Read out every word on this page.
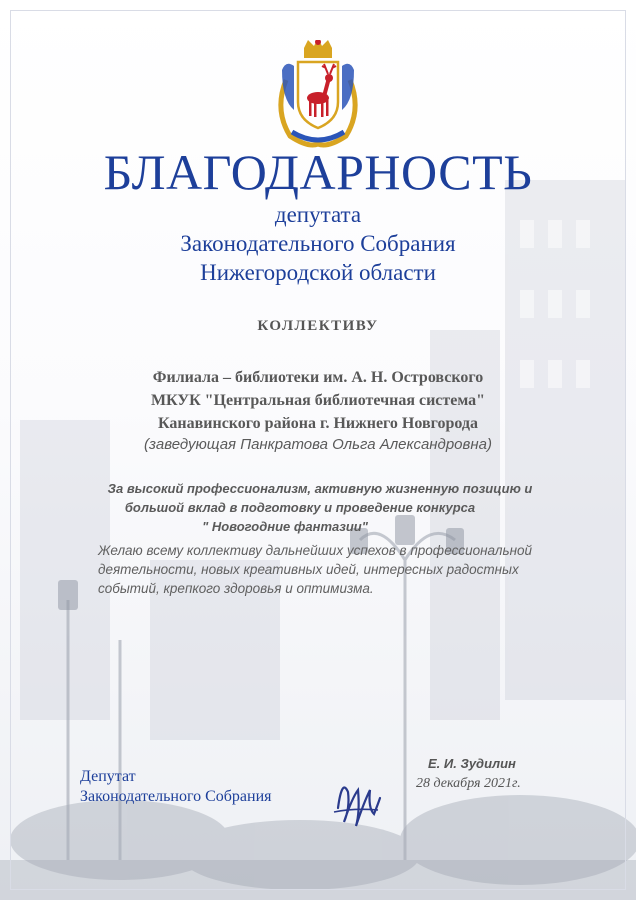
БЛАГОДАРНОСТЬ
депутата
Законодательного Собрания
Нижегородской области
КОЛЛЕКТИВУ
Филиала – библиотеки им. А. Н. Островского
МКУК "Центральная библиотечная система"
Канавинского района г. Нижнего Новгорода
(заведующая Панкратова Ольга Александровна)
За высокий профессионализм, активную жизненную позицию и
большой вклад в подготовку и проведение конкурса
" Новогодние фантазии"
Желаю всему коллективу дальнейших успехов в профессиональной
деятельности, новых креативных идей, интересных радостных
событий, крепкого здоровья и оптимизма.
Депутат
Законодательного Собрания
Е. И. Зудилин
28 декабря 2021г.
